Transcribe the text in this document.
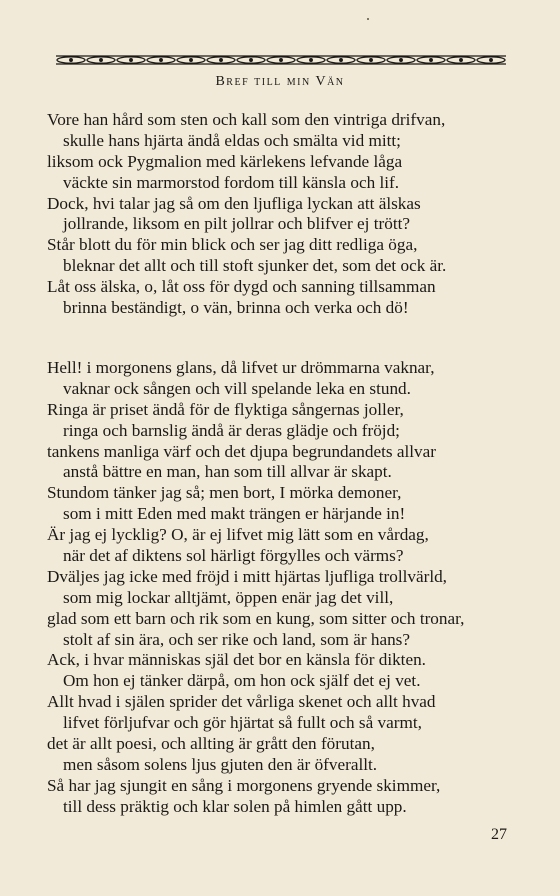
Bref till min Vän
Vore han hård som sten och kall som den vintriga drifvan,
skulle hans hjärta ändå eldas och smälta vid mitt;
liksom ock Pygmalion med kärlekens lefvande låga
väckte sin marmorstod fordom till känsla och lif.
Dock, hvi talar jag så om den ljufliga lyckan att älskas
jollrande, liksom en pilt jollrar och blifver ej trött?
Står blott du för min blick och ser jag ditt redliga öga,
bleknar det allt och till stoft sjunker det, som det ock är.
Låt oss älska, o, låt oss för dygd och sanning tillsamman
brinna beständigt, o vän, brinna och verka och dö!
Hell! i morgonens glans, då lifvet ur drömmarna vaknar,
vaknar ock sången och vill spelande leka en stund.
Ringa är priset ändå för de flyktiga sångernas joller,
ringa och barnslig ändå är deras glädje och fröjd;
tankens manliga värf och det djupa begrundandets allvar
anstå bättre en man, han som till allvar är skapt.
Stundom tänker jag så; men bort, I mörka demoner,
som i mitt Eden med makt trängen er härjande in!
Är jag ej lycklig? O, är ej lifvet mig lätt som en vårdag,
när det af diktens sol härligt förgylles och värms?
Dväljes jag icke med fröjd i mitt hjärtas ljufliga trollvärld,
som mig lockar alltjämt, öppen enär jag det vill,
glad som ett barn och rik som en kung, som sitter och tronar,
stolt af sin ära, och ser rike och land, som är hans?
Ack, i hvar människas själ det bor en känsla för dikten.
Om hon ej tänker därpå, om hon ock själf det ej vet.
Allt hvad i själen sprider det vårliga skenet och allt hvad
lifvet förljufvar och gör hjärtat så fullt och så varmt,
det är allt poesi, och allting är grått den förutan,
men såsom solens ljus gjuten den är öfverallt.
Så har jag sjungit en sång i morgonens gryende skimmer,
till dess präktig och klar solen på himlen gått upp.
27
